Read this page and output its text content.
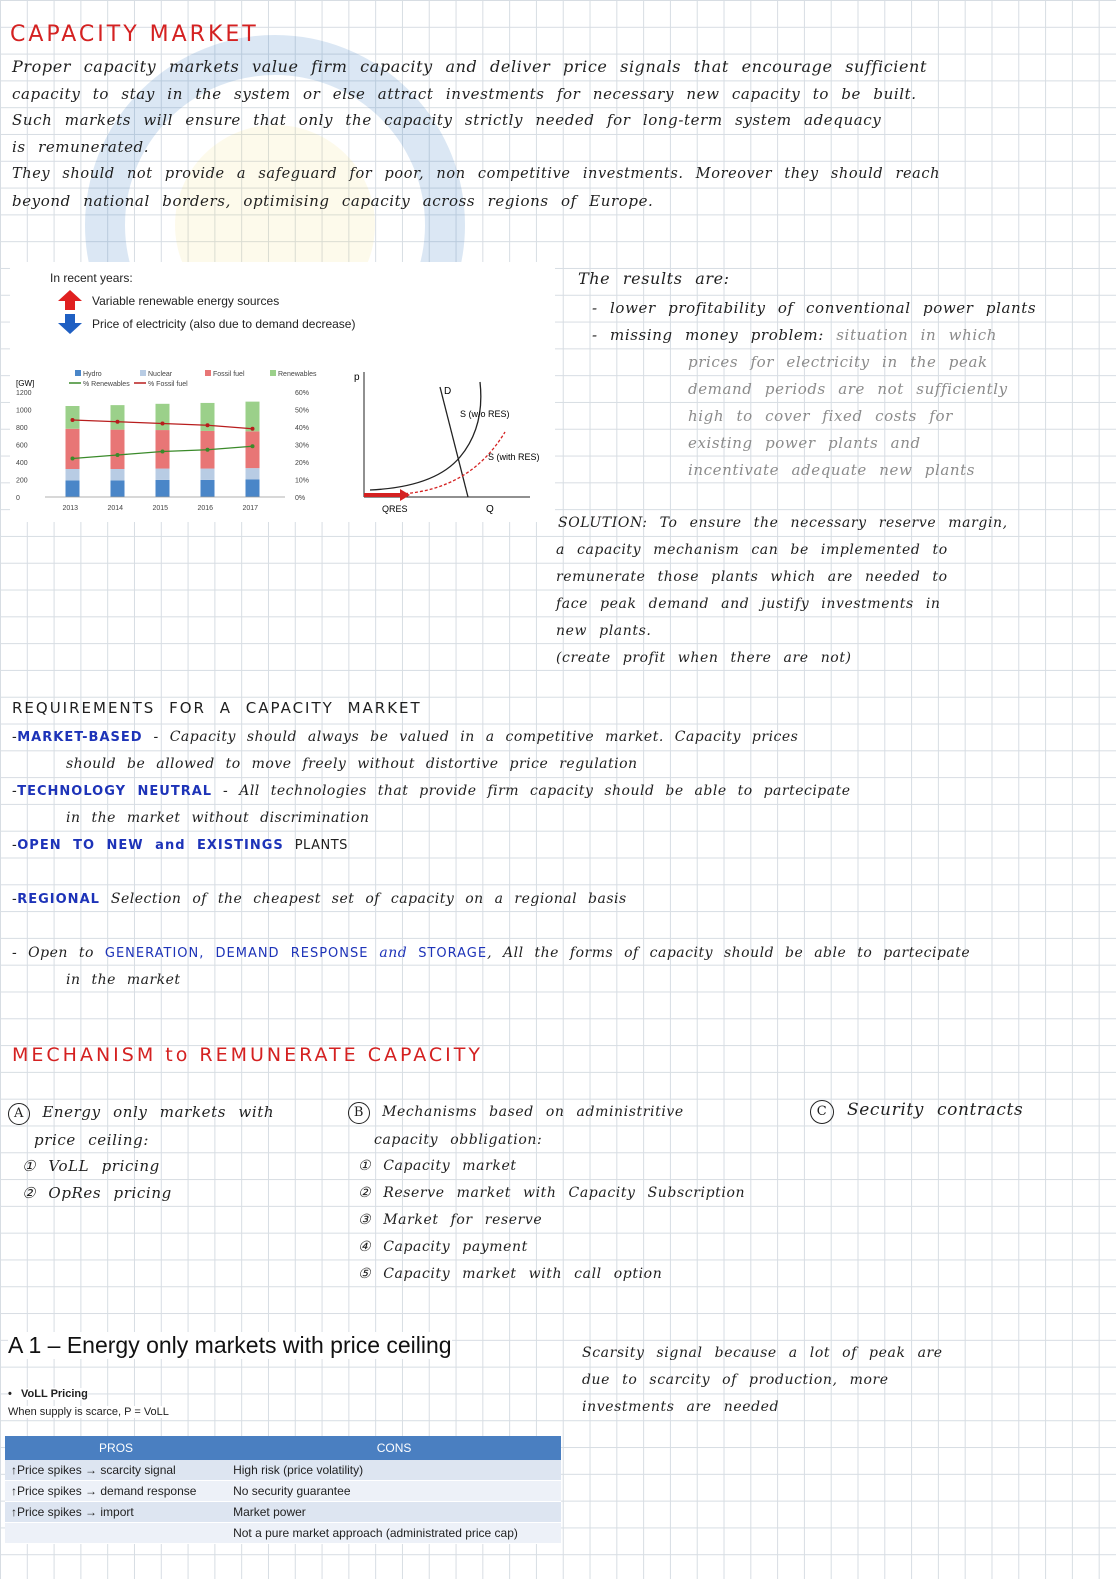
CAPACITY MARKET
Proper capacity markets value firm capacity and deliver price signals that encourage sufficient
capacity to stay in the system or else attract investments for necessary new capacity to be built.
Such markets will ensure that only the capacity strictly needed for long-term system adequacy
is remunerated.
They should not provide a safeguard for poor, non competitive investments. Moreover they should reach
beyond national borders, optimising capacity across regions of Europe.
In recent years:
Variable renewable energy sources
Price of electricity (also due to demand decrease)
Hydro	Nuclear	Fossil fuel	Renewables
% Renewables	% Fossil fuel
[GW]
1200
1000
800
600
400
200
0
60%
50%
40%
30%
20%
10%
0%
2013	2014	2015	2016	2017
p
Q
D
S (w/o RES)
S (with RES)
QRES
The results are:
- lower profitability of conventional power plants
- missing money problem: situation in which
prices for electricity in the peak
demand periods are not sufficiently
high to cover fixed costs for
existing power plants and
incentivate adequate new plants
SOLUTION: To ensure the necessary reserve margin,
a capacity mechanism can be implemented to
remunerate those plants which are needed to
face peak demand and justify investments in
new plants.
(create profit when there are not)
REQUIREMENTS FOR A CAPACITY MARKET
-MARKET-BASED - Capacity should always be valued in a competitive market. Capacity prices
should be allowed to move freely without distortive price regulation
-TECHNOLOGY NEUTRAL - All technologies that provide firm capacity should be able to partecipate
in the market without discrimination
-OPEN TO NEW and EXISTINGS PLANTS
-REGIONAL Selection of the cheapest set of capacity on a regional basis
- Open to GENERATION, DEMAND RESPONSE and STORAGE, All the forms of capacity should be able to partecipate
in the market
MECHANISM to REMUNERATE CAPACITY
A Energy only markets with
price ceiling:
① VoLL pricing
② OpRes pricing
B Mechanisms based on administritive
capacity obbligation:
① Capacity market
② Reserve market with Capacity Subscription
③ Market for reserve
④ Capacity payment
⑤ Capacity market with call option
C Security contracts
A 1 – Energy only markets with price ceiling
•   VoLL Pricing
When supply is scarce, P = VoLL
PROS	CONS
↑Price spikes → scarcity signal	High risk (price volatility)
↑Price spikes → demand response	No security guarantee
↑Price spikes → import	Market power
	Not a pure market approach (administrated price cap)
Scarsity signal because a lot of peak are
due to scarcity of production, more
investments are needed
